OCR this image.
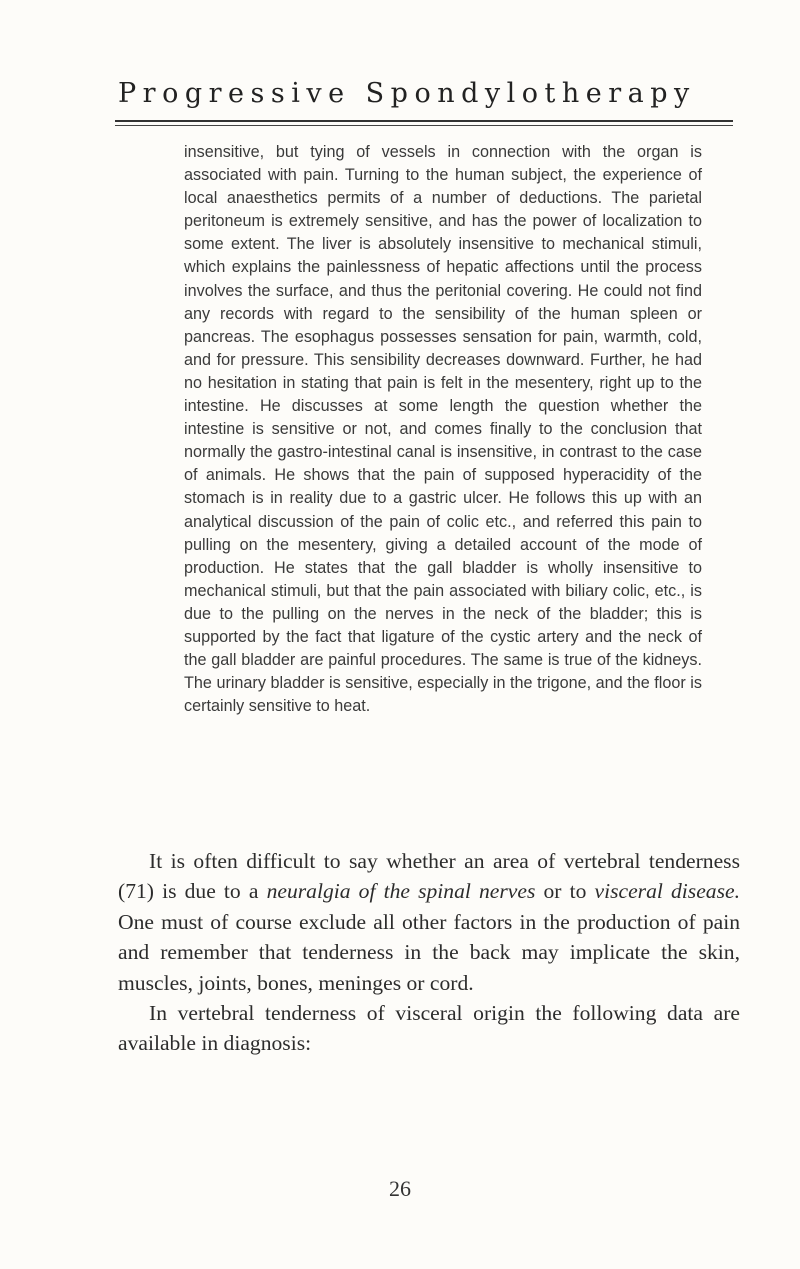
Progressive Spondylotherapy

insensitive, but tying of vessels in connection with the organ is associated with pain. Turning to the human subject, the experience of local anaesthetics permits of a number of deductions. The parietal peritoneum is extremely sensitive, and has the power of localization to some extent. The liver is absolutely insensitive to mechanical stimuli, which explains the painlessness of hepatic affections until the process involves the surface, and thus the peritonial covering. He could not find any records with regard to the sensibility of the human spleen or pancreas. The esophagus possesses sensation for pain, warmth, cold, and for pressure. This sensibility decreases downward. Further, he had no hesitation in stating that pain is felt in the mesentery, right up to the intestine. He discusses at some length the question whether the intestine is sensitive or not, and comes finally to the conclusion that normally the gastro-intestinal canal is insensitive, in contrast to the case of animals. He shows that the pain of supposed hyperacidity of the stomach is in reality due to a gastric ulcer. He follows this up with an analytical discussion of the pain of colic etc., and referred this pain to pulling on the mesentery, giving a detailed account of the mode of production. He states that the gall bladder is wholly insensitive to mechanical stimuli, but that the pain associated with biliary colic, etc., is due to the pulling on the nerves in the neck of the bladder; this is supported by the fact that ligature of the cystic artery and the neck of the gall bladder are painful procedures. The same is true of the kidneys. The urinary bladder is sensitive, especially in the trigone, and the floor is certainly sensitive to heat.

It is often difficult to say whether an area of vertebral tenderness (71) is due to a neuralgia of the spinal nerves or to visceral disease. One must of course exclude all other factors in the production of pain and remember that tenderness in the back may implicate the skin, muscles, joints, bones, meninges or cord.

In vertebral tenderness of visceral origin the following data are available in diagnosis:

26
